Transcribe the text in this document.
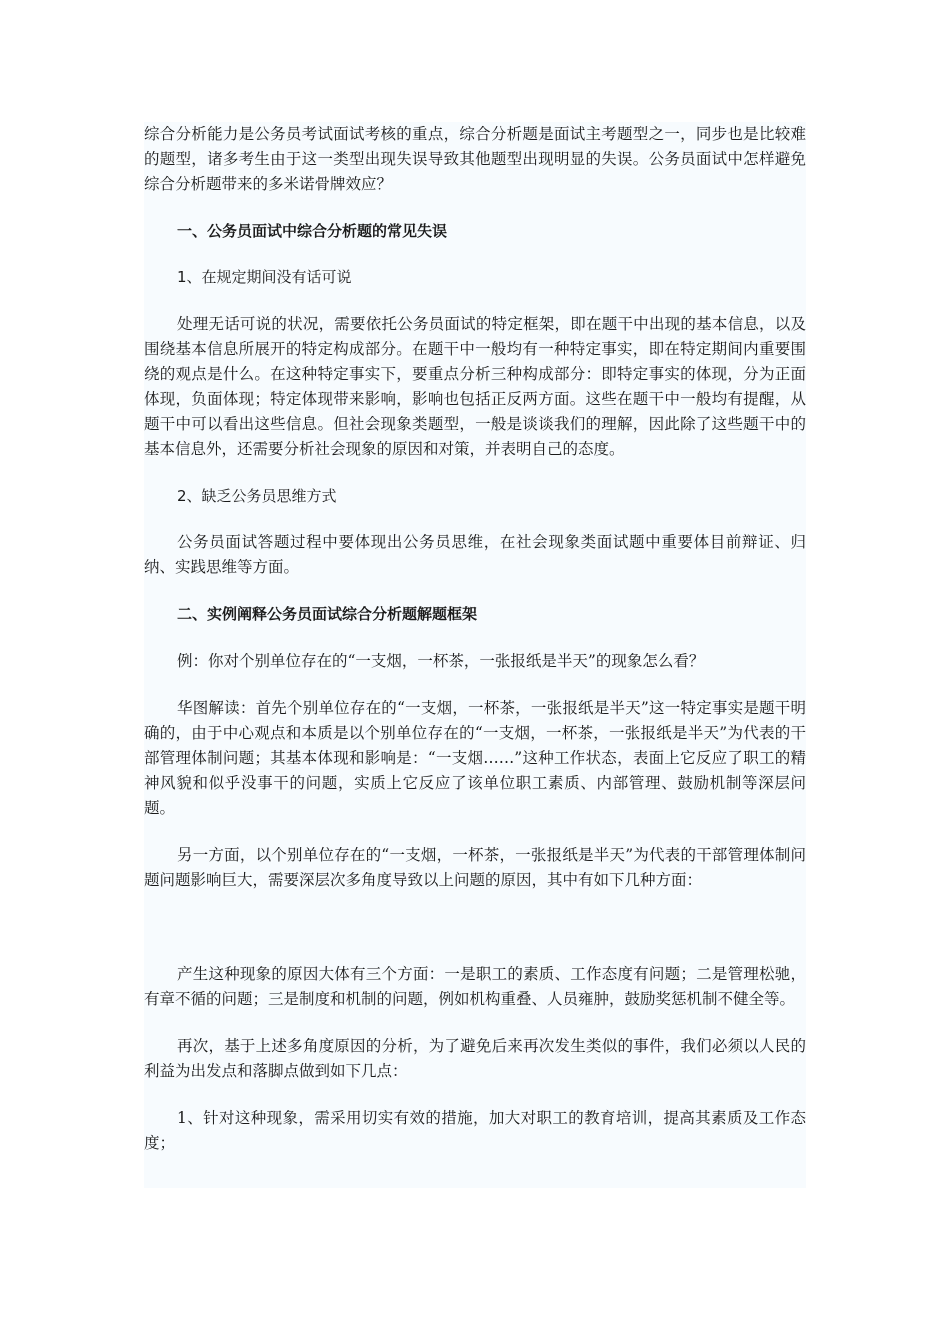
综合分析能力是公务员考试面试考核的重点，综合分析题是面试主考题型之一，同步也是比较难的题型，诸多考生由于这一类型出现失误导致其他题型出现明显的失误。公务员面试中怎样避免综合分析题带来的多米诺骨牌效应？

一、公务员面试中综合分析题的常见失误

1、在规定期间没有话可说

处理无话可说的状况，需要依托公务员面试的特定框架，即在题干中出现的基本信息，以及围绕基本信息所展开的特定构成部分。在题干中一般均有一种特定事实，即在特定期间内重要围绕的观点是什么。在这种特定事实下，要重点分析三种构成部分：即特定事实的体现，分为正面体现，负面体现；特定体现带来影响，影响也包括正反两方面。这些在题干中一般均有提醒，从题干中可以看出这些信息。但社会现象类题型，一般是谈谈我们的理解，因此除了这些题干中的基本信息外，还需要分析社会现象的原因和对策，并表明自己的态度。

2、缺乏公务员思维方式

公务员面试答题过程中要体现出公务员思维，在社会现象类面试题中重要体目前辩证、归纳、实践思维等方面。

二、实例阐释公务员面试综合分析题解题框架

例：你对个别单位存在的“一支烟，一杯茶，一张报纸是半天”的现象怎么看？

华图解读：首先个别单位存在的“一支烟，一杯茶，一张报纸是半天”这一特定事实是题干明确的，由于中心观点和本质是以个别单位存在的“一支烟，一杯茶，一张报纸是半天”为代表的干部管理体制问题；其基本体现和影响是：“一支烟……”这种工作状态，表面上它反应了职工的精神风貌和似乎没事干的问题，实质上它反应了该单位职工素质、内部管理、鼓励机制等深层问题。

另一方面，以个别单位存在的“一支烟，一杯茶，一张报纸是半天”为代表的干部管理体制问题问题影响巨大，需要深层次多角度导致以上问题的原因，其中有如下几种方面：

产生这种现象的原因大体有三个方面：一是职工的素质、工作态度有问题；二是管理松驰，有章不循的问题；三是制度和机制的问题，例如机构重叠、人员雍肿，鼓励奖惩机制不健全等。

再次，基于上述多角度原因的分析，为了避免后来再次发生类似的事件，我们必须以人民的利益为出发点和落脚点做到如下几点：

1、针对这种现象，需采用切实有效的措施，加大对职工的教育培训，提高其素质及工作态度；
